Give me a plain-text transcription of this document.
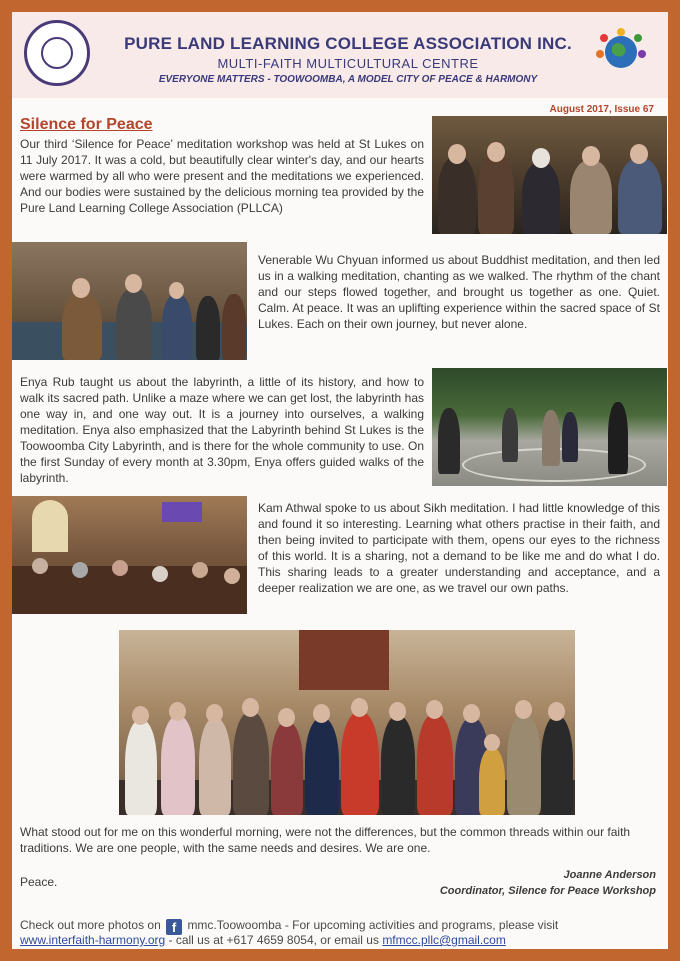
PURE LAND LEARNING COLLEGE ASSOCIATION INC.
MULTI-FAITH MULTICULTURAL CENTRE
EVERYONE MATTERS - TOOWOOMBA, A MODEL CITY OF PEACE & HARMONY
August 2017, Issue 67
Silence for Peace
Our third ‘Silence for Peace’ meditation workshop was held at St Lukes on 11 July 2017. It was a cold, but beautifully clear winter's day, and our hearts were warmed by all who were present and the meditations we experienced. And our bodies were sustained by the delicious morning tea provided by the Pure Land Learning College Association (PLLCA)
Venerable Wu Chyuan informed us about Buddhist meditation, and then led us in a walking meditation, chanting as we walked. The rhythm of the chant and our steps flowed together, and brought us together as one. Quiet. Calm. At peace. It was an uplifting experience within the sacred space of St Lukes. Each on their own journey, but never alone.
Enya Rub taught us about the labyrinth, a little of its history, and how to walk its sacred path. Unlike a maze where we can get lost, the labyrinth has one way in, and one way out. It is a journey into ourselves, a walking meditation. Enya also emphasized that the Labyrinth behind St Lukes is the Toowoomba City Labyrinth, and is there for the whole community to use. On the first Sunday of every month at 3.30pm, Enya offers guided walks of the labyrinth.
Kam Athwal spoke to us about Sikh meditation. I had little knowledge of this and found it so interesting. Learning what others practise in their faith, and then being invited to participate with them, opens our eyes to the richness of this world. It is a sharing, not a demand to be like me and do what I do. This sharing leads to a greater understanding and acceptance, and a deeper realization we are one, as we travel our own paths.
What stood out for me on this wonderful morning, were not the differences, but the common threads within our faith traditions. We are one people, with the same needs and desires. We are one.
Peace.	Joanne Anderson
Coordinator, Silence for Peace Workshop
Check out more photos on f mmc.Toowoomba - For upcoming activities and programs, please visit
www.interfaith-harmony.org - call us at +617 4659 8054, or email us mfmcc.pllc@gmail.com
